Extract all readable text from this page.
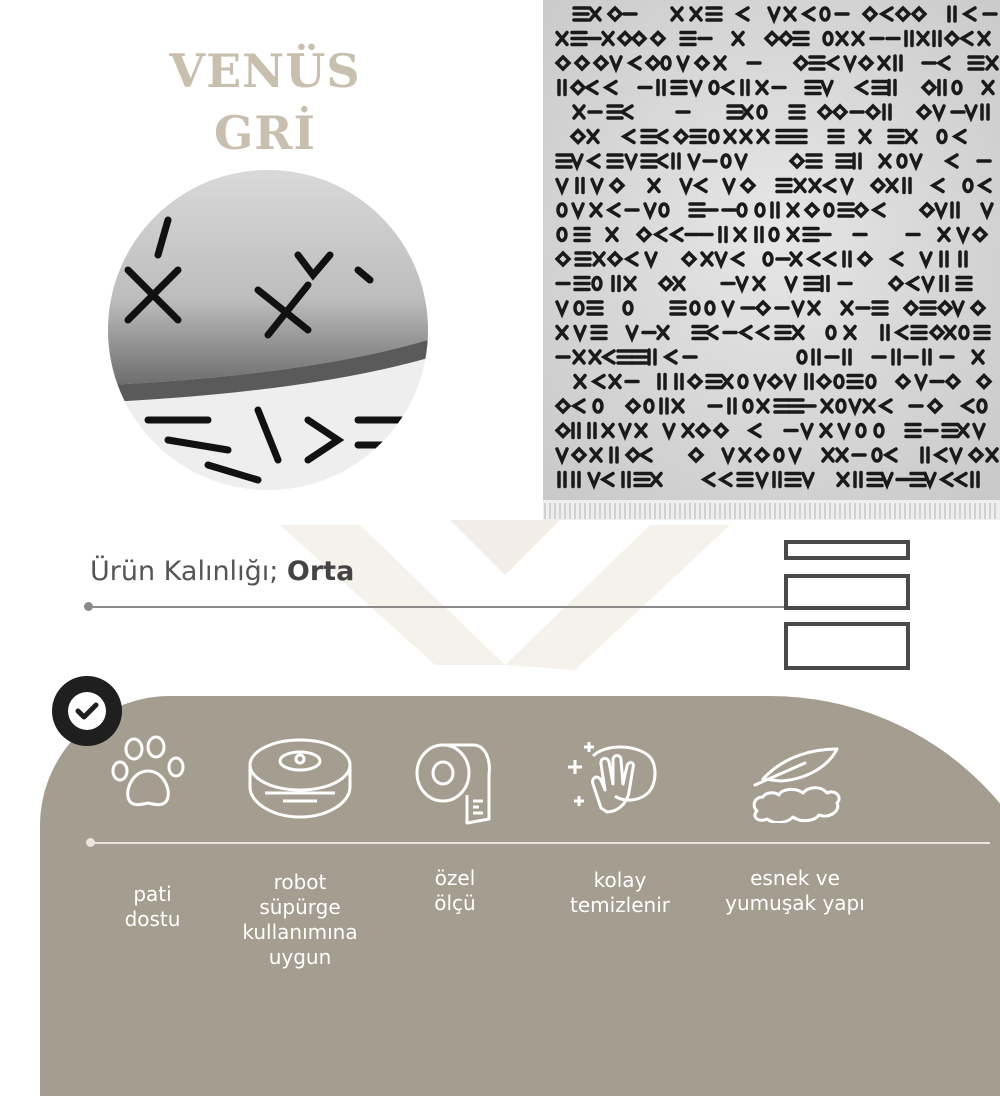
VENÜS
GRİ
Ürün Kalınlığı; Orta
pati
dostu
robot
süpürge
kullanımına
uygun
özel
ölçü
kolay
temizlenir
esnek ve
yumuşak yapı
